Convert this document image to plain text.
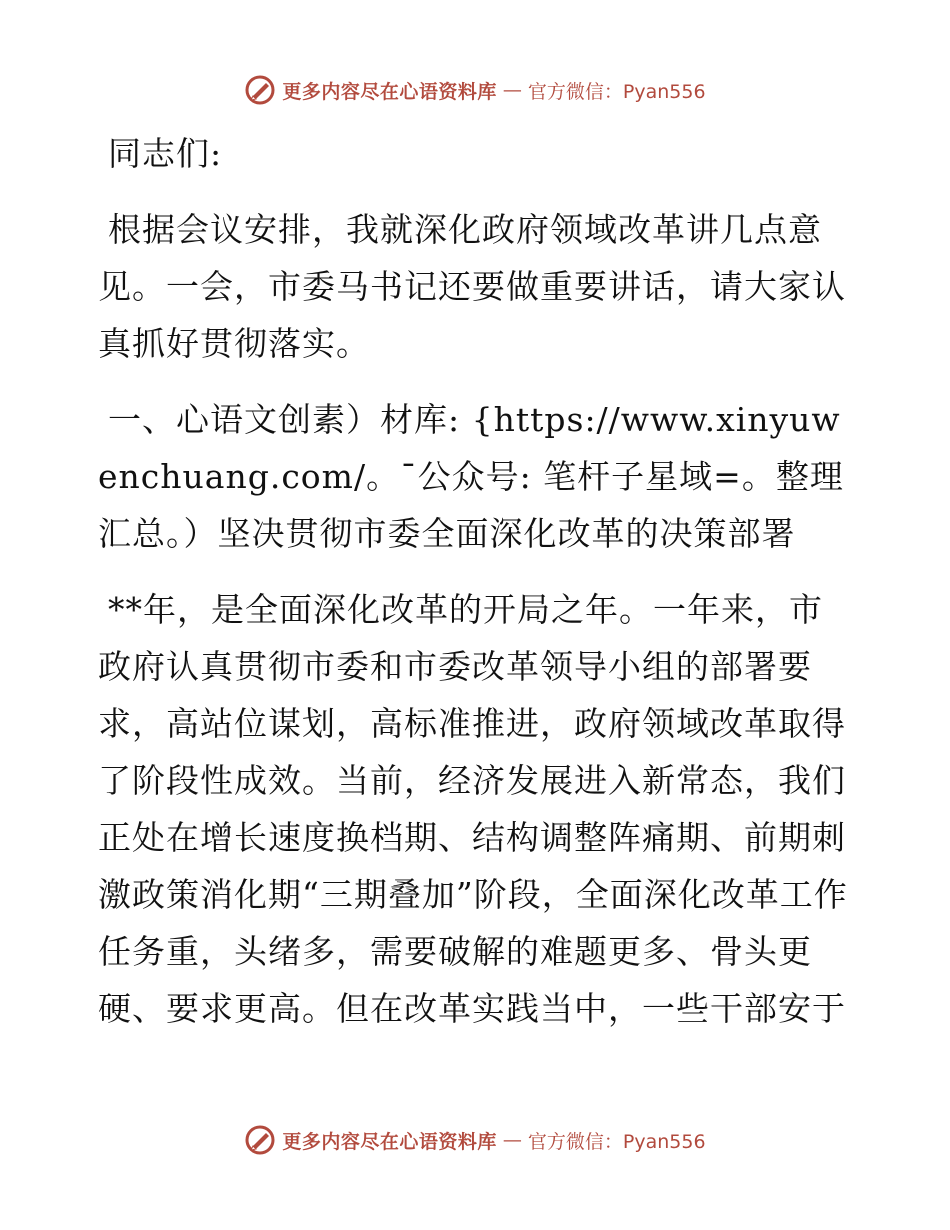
更多内容尽在心语资料库 — 官方微信：Pyan556

同志们:

根据会议安排，我就深化政府领域改革讲几点意见。一会，市委马书记还要做重要讲话，请大家认真抓好贯彻落实。

一、心语文创素）材库: {https://www.xinyuwenchuang.com/。¯公众号: 笔杆子星域=。整理汇总。）坚决贯彻市委全面深化改革的决策部署

**年，是全面深化改革的开局之年。一年来，市政府认真贯彻市委和市委改革领导小组的部署要求，高站位谋划，高标准推进，政府领域改革取得了阶段性成效。当前，经济发展进入新常态，我们正处在增长速度换档期、结构调整阵痛期、前期刺激政策消化期“三期叠加”阶段，全面深化改革工作任务重，头绪多，需要破解的难题更多、骨头更硬、要求更高。但在改革实践当中，一些干部安于

更多内容尽在心语资料库 — 官方微信：Pyan556
